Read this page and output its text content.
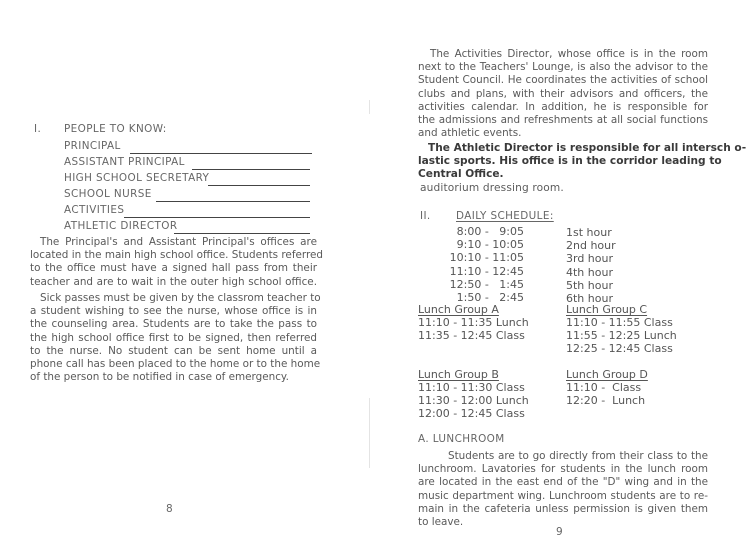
I. PEOPLE TO KNOW:
PRINCIPAL
ASSISTANT PRINCIPAL
HIGH SCHOOL SECRETARY
SCHOOL NURSE
ACTIVITIES
ATHLETIC DIRECTOR
The Principal's and Assistant Principal's offices are
located in the main high school office. Students referred
to the office must have a signed hall pass from their
teacher and are to wait in the outer high school office.
Sick passes must be given by the classrom teacher to
a student wishing to see the nurse, whose office is in
the counseling area. Students are to take the pass to
the high school office first to be signed, then referred
to the nurse. No student can be sent home until a
phone call has been placed to the home or to the home
of the person to be notified in case of emergency.
8
The Activities Director, whose office is in the room
next to the Teachers' Lounge, is also the advisor to the
Student Council. He coordinates the activities of school
clubs and plans, with their advisors and officers, the
activities calendar. In addition, he is responsible for
the admissions and refreshments at all social functions
and athletic events.
The Athletic Director is responsible for all intersch o-
lastic sports. His office is in the corridor leading to
Central Office.
auditorium dressing room.
II. DAILY SCHEDULE:
8:00 -   9:05
9:10 - 10:05
10:10 - 11:05
11:10 - 12:45
12:50 -   1:45
1:50 -   2:45
1st hour
2nd hour
3rd hour
4th hour
5th hour
6th hour
Lunch Group A
11:10 - 11:35 Lunch
11:35 - 12:45 Class
Lunch Group C
11:10 - 11:55 Class
11:55 - 12:25 Lunch
12:25 - 12:45 Class
Lunch Group B
11:10 - 11:30 Class
11:30 - 12:00 Lunch
12:00 - 12:45 Class
Lunch Group D
11:10 -  Class
12:20 -  Lunch
A. LUNCHROOM
Students are to go directly from their class to the
lunchroom. Lavatories for students in the lunch room
are located in the east end of the "D" wing and in the
music department wing. Lunchroom students are to re-
main in the cafeteria unless permission is given them
to leave.
9
